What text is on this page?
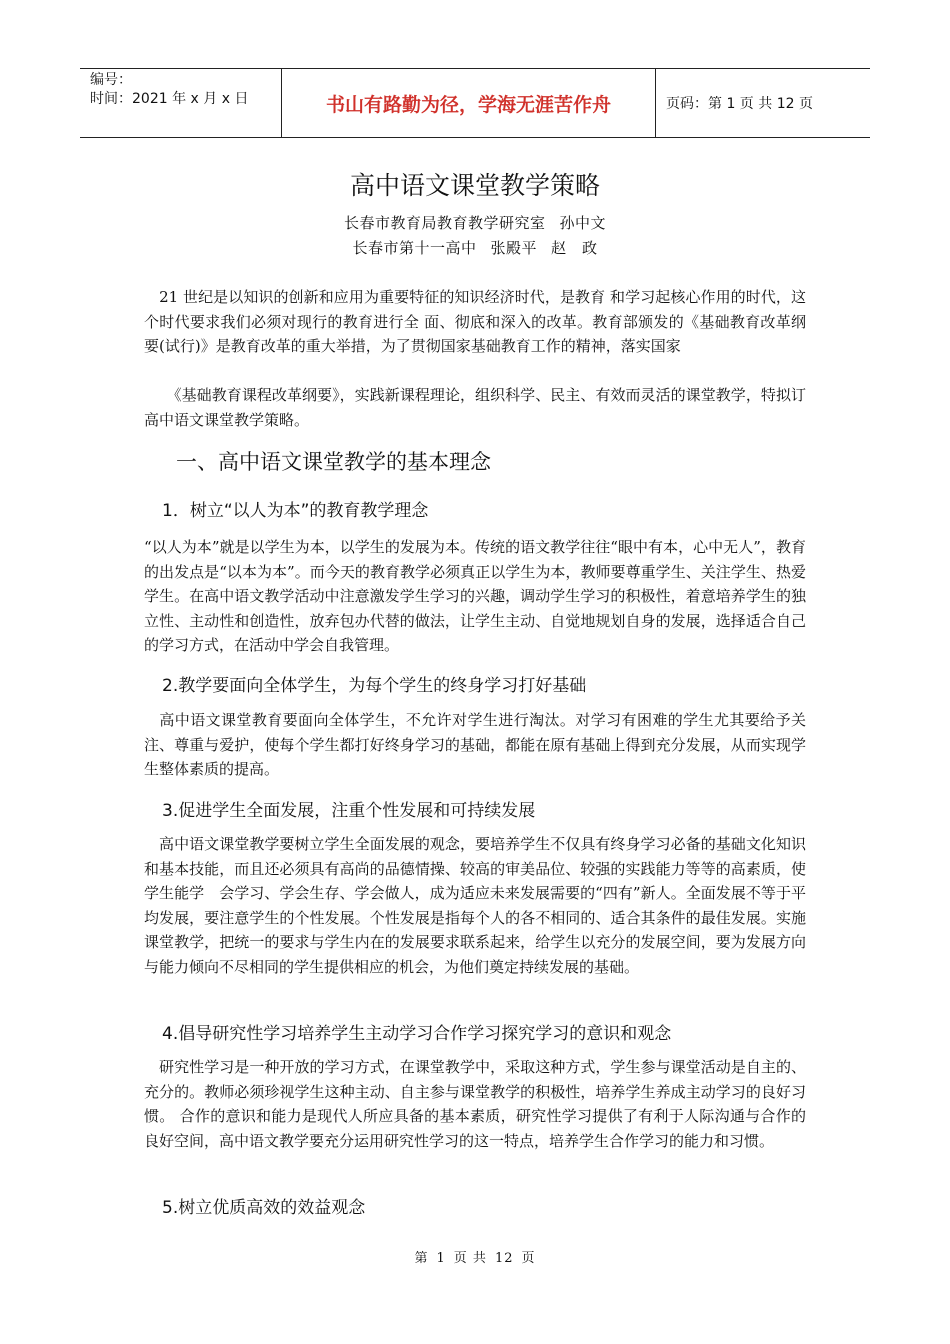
编号：
时间：2021 年 x 月 x 日	书山有路勤为径，学海无涯苦作舟	页码：第 1 页 共 12 页
高中语文课堂教学策略
长春市教育局教育教学研究室 孙中文
长春市第十一高中 张殿平 赵　政

　21 世纪是以知识的创新和应用为重要特征的知识经济时代，是教育 和学习起核心作用的时代，这个时代要求我们必须对现行的教育进行全 面、彻底和深入的改革。教育部颁发的《基础教育改革纲要(试行)》是教育改革的重大举措，为了贯彻国家基础教育工作的精神，落实国家

　　《基础教育课程改革纲要》，实践新课程理论，组织科学、民主、有效而灵活的课堂教学，特拟订高中语文课堂教学策略。

一、高中语文课堂教学的基本理念
1．树立“以人为本”的教育教学理念

“以人为本”就是以学生为本，以学生的发展为本。传统的语文教学往往“眼中有本，心中无人”，教育的出发点是“以本为本”。而今天的教育教学必须真正以学生为本，教师要尊重学生、关注学生、热爱学生。在高中语文教学活动中注意激发学生学习的兴趣，调动学生学习的积极性，着意培养学生的独立性、主动性和创造性，放弃包办代替的做法，让学生主动、自觉地规划自身的发展，选择适合自己的学习方式，在活动中学会自我管理。

2.教学要面向全体学生，为每个学生的终身学习打好基础

　高中语文课堂教育要面向全体学生，不允许对学生进行淘汰。对学习有困难的学生尤其要给予关注、尊重与爱护，使每个学生都打好终身学习的基础，都能在原有基础上得到充分发展，从而实现学生整体素质的提高。

3.促进学生全面发展，注重个性发展和可持续发展

　高中语文课堂教学要树立学生全面发展的观念，要培养学生不仅具有终身学习必备的基础文化知识和基本技能，而且还必须具有高尚的品德情操、较高的审美品位、较强的实践能力等等的高素质，使学生能学　会学习、学会生存、学会做人，成为适应未来发展需要的“四有”新人。全面发展不等于平均发展，要注意学生的个性发展。个性发展是指每个人的各不相同的、适合其条件的最佳发展。实施课堂教学，把统一的要求与学生内在的发展要求联系起来，给学生以充分的发展空间，要为发展方向与能力倾向不尽相同的学生提供相应的机会，为他们奠定持续发展的基础。

4.倡导研究性学习培养学生主动学习合作学习探究学习的意识和观念

　研究性学习是一种开放的学习方式，在课堂教学中，采取这种方式，学生参与课堂活动是自主的、充分的。教师必须珍视学生这种主动、自主参与课堂教学的积极性，培养学生养成主动学习的良好习惯。 合作的意识和能力是现代人所应具备的基本素质，研究性学习提供了有利于人际沟通与合作的良好空间，高中语文教学要充分运用研究性学习的这一特点，培养学生合作学习的能力和习惯。

5.树立优质高效的效益观念
第 1 页 共 12 页
